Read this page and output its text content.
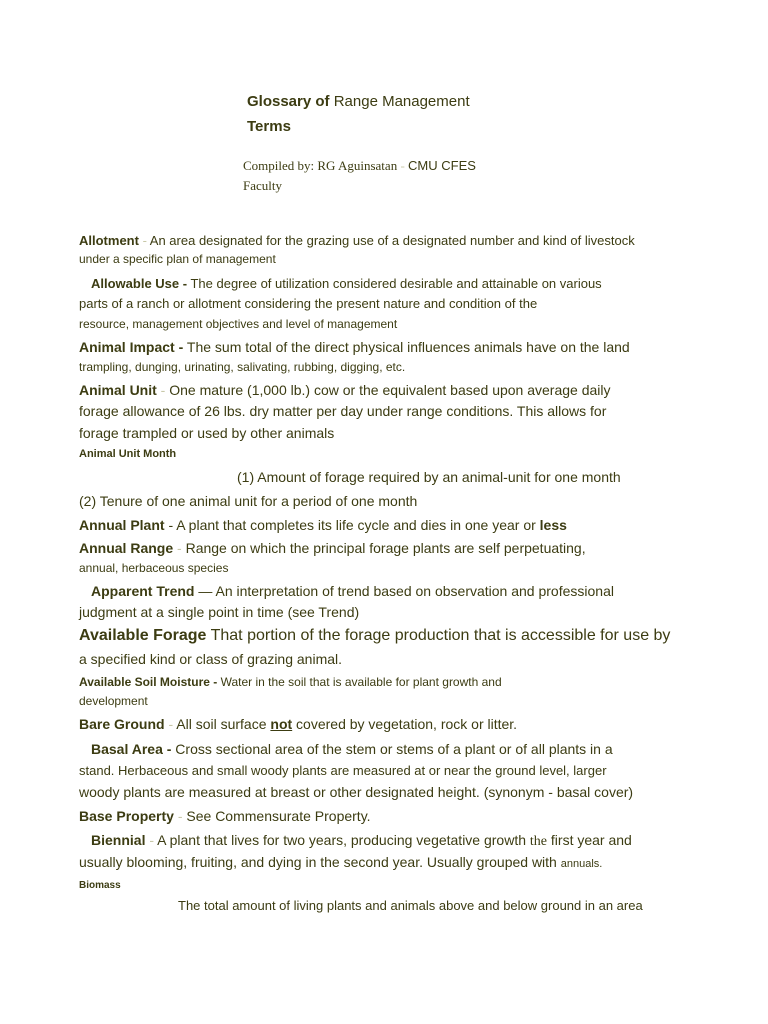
Glossary of Range Management
Terms
Compiled by: RG Aguinsatan - CMU CFES
Faculty
Allotment - An area designated for the grazing use of a designated number and kind of livestock
under a specific plan of management
Allowable Use - The degree of utilization considered desirable and attainable on various
parts of a ranch or allotment considering the present nature and condition of the
resource, management objectives and level of management
Animal Impact - The sum total of the direct physical influences animals have on the land
trampling, dunging, urinating, salivating, rubbing, digging, etc.
Animal Unit - One mature (1,000 lb.) cow or the equivalent based upon average daily
forage allowance of 26 lbs. dry matter per day under range conditions. This allows for
forage trampled or used by other animals
Animal Unit Month
(1) Amount of forage required by an animal-unit for one month
(2) Tenure of one animal unit for a period of one month
Annual Plant - A plant that completes its life cycle and dies in one year or less
Annual Range - Range on which the principal forage plants are self perpetuating,
annual, herbaceous species
Apparent Trend — An interpretation of trend based on observation and professional
judgment at a single point in time (see Trend)
Available Forage That portion of the forage production that is accessible for use by
a specified kind or class of grazing animal.
Available Soil Moisture - Water in the soil that is available for plant growth and
development
Bare Ground - All soil surface not covered by vegetation, rock or litter.
Basal Area - Cross sectional area of the stem or stems of a plant or of all plants in a
stand. Herbaceous and small woody plants are measured at or near the ground level, larger
woody plants are measured at breast or other designated height. (synonym - basal cover)
Base Property - See Commensurate Property.
Biennial - A plant that lives for two years, producing vegetative growth the first year and
usually blooming, fruiting, and dying in the second year. Usually grouped with annuals.
Biomass
The total amount of living plants and animals above and below ground in an area
